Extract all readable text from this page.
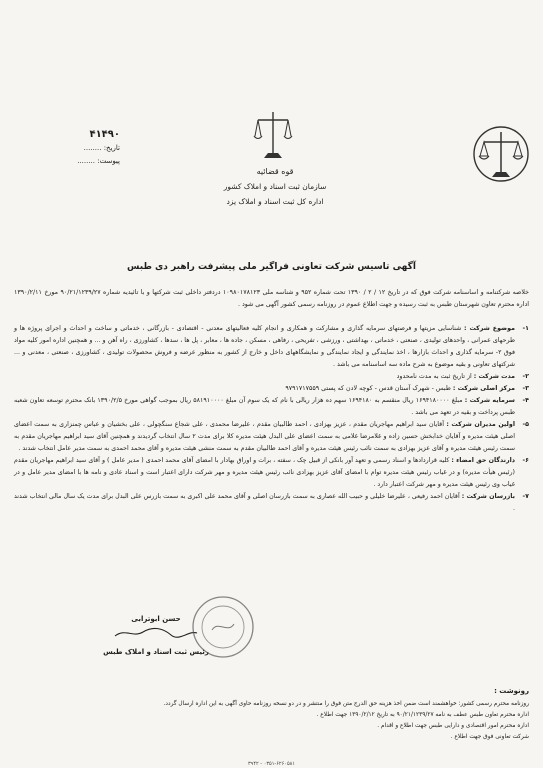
۴۱۴۹۰
تاریخ: ........
پیوست: ........
قوه قضائیه
سازمان ثبت اسناد و املاک کشور
اداره کل ثبت اسناد و املاک یزد
آگهی تاسیس شرکت تعاونی فراگیر ملی پیشرفت راهبر دی طبس
خلاصه شرکتنامه و اساسنامه شرکت فوق که در تاریخ ۱۲ / ۲ / ۱۳۹۰ تحت شماره ۹۵۲ و شناسه ملی ۱۰۹۸۰۱۷۸۱۲۳ دردفتر داخلی ثبت شرکتها و با تائیدیه شماره ۹۰/۲۱/۱۲۳۹/۲۷ مورخ ۱۳۹۰/۲/۱۱ اداره محترم تعاون شهرستان طبس به ثبت رسیده و جهت اطلاع عموم در روزنامه رسمی کشور آگهی می شود .
۱-
موضوع شرکت : شناسایی مزیتها و فرصتهای سرمایه گذاری و مشارکت و همکاری و انجام کلیه فعالیتهای معدنی - اقتصادی - بازرگانی ، خدماتی و ساخت و احداث و اجرای پروژه ها و طرحهای عمرانی ، واحدهای تولیدی ، صنعتی ، خدماتی ، بهداشتی ، ورزشی ، تفریحی ، رفاهی ، مسکن ، جاده ها ، معابر ، پل ها ، سدها ، کشاورزی ، راه آهن و ... و همچنین اداره امور کلیه مواد فوق ۲- سرمایه گذاری و احداث بازارها ، اخذ نمایندگی و ایجاد نمایندگی و نمایشگاههای داخل و خارج از کشور به منظور عرضه و فروش محصولات تولیدی ، کشاورزی ، صنعتی ، معدنی و ... شرکتهای تعاونی و بقیه موضوع به شرح ماده سه اساسنامه می باشد .
۲-
مدت شرکت : از تاریخ ثبت به مدت نامحدود
۳-
مرکز اصلی شرکت : طبس - شهرک آستان قدس - کوچه لادن که پستی ۹۷۹۱۷۱۷۵۵۹
۴-
سرمایه شرکت : مبلغ ۱۶۹۴۱۸۰۰۰۰ ریال منقسم به ۱۶۹۴۱۸۰ سهم ده هزار ریالی با نام که یک سوم آن مبلغ ۵۸۱۹۱۰۰۰۰ ریال بموجب گواهی مورخ ۱۳۹۰/۲/۵ بانک محترم توسعه تعاون شعبه طبس پرداخت و بقیه در تعهد می باشد .
۵-
اولین مدیران شرکت : آقایان سید ابراهیم مهاجریان مقدم ، عزیز بهزادی ، احمد طالبیان مقدم ، علیرضا محمدی ، علی شجاع سنگچولی ، علی بخشیان و عباس چمنزاری به سمت اعضای اصلی هیئت مدیره و آقایان خدابخش حسین زاده و غلامرضا غلامی به سمت اعضای علی البدل هیئت مدیره کلا برای مدت ۲ سال انتخاب گردیدند و همچنین آقای سید ابراهیم مهاجریان مقدم به سمت رئیس هیئت مدیره و آقای عزیز بهزادی به سمت نائب رئیس هیئت مدیره و آقای احمد طالبیان مقدم به سمت منشی هیئت مدیره و آقای محمد احمدی به سمت مدیر عامل انتخاب شدند .
۶-
دارندگان حق امضاء : کلیه قراردادها و اسناد رسمی و تعهد آور بانکی از قبیل چک ، سفته ، برات و اوراق بهادار با امضای آقای محمد احمدی ( مدیر عامل ) و آقای سید ابراهیم مهاجریان مقدم (رئیس هیأت مدیره) و در غیاب رئیس هیئت مدیره توام با امضای آقای عزیز بهزادی نائب رئیس هیئت مدیره و مهر شرکت دارای اعتبار است و اسناد عادی و نامه ها با امضای مدیر عامل و در غیاب وی رئیس هیئت مدیره و مهر شرکت اعتبار دارد .
۷-
بازرسان شرکت : آقایان احمد رفیعی ، علیرضا خلیلی و حبیب الله عصاری به سمت بازرسان اصلی و آقای محمد علی اکبری به سمت بازرس علی البدل برای مدت یک سال مالی انتخاب شدند .
حسن ابوترابی
رئیس ثبت اسناد و املاک طبس
رونوشت :
روزنامه محترم رسمی کشور: خواهشمند است ضمن اخذ هزینه حق الدرج متن فوق را منتشر و در دو نسخه روزنامه حاوی آگهی به این اداره ارسال گردد.
اداره محترم تعاون طبس عطف به نامه ۹۰/۲۱/۱۲۳۹/۲۷ به تاریخ ۱۳۹۰/۲/۱۲ جهت اطلاع .
اداره محترم امور اقتصادی و دارایی طبس جهت اطلاع و اقدام .
شرکت تعاونی فوق جهت اطلاع .
۰۳۵۱-۶۲۶۰۵۸۱ - ۳۹۴۲
